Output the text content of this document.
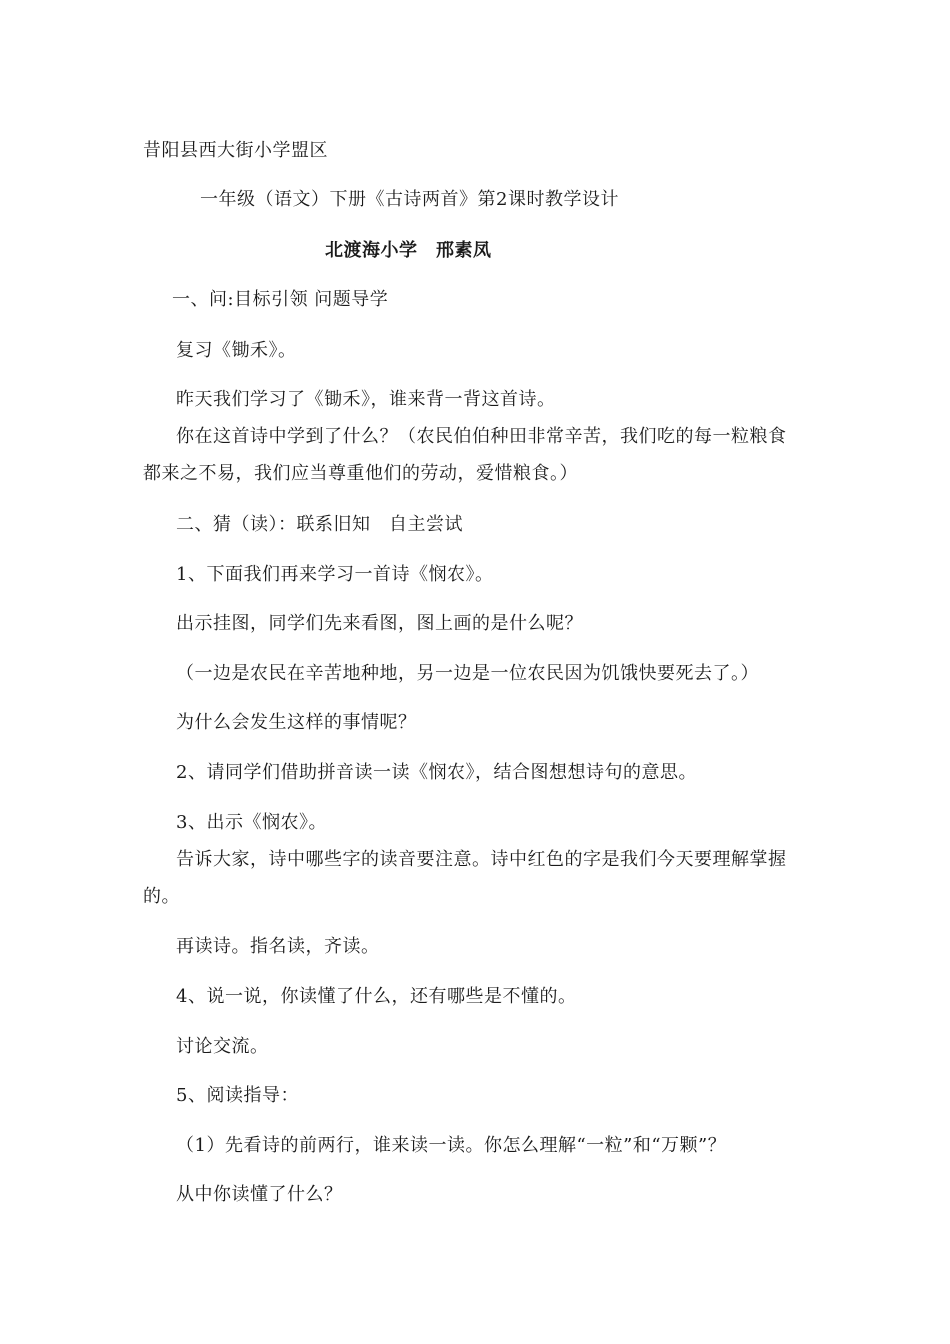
昔阳县西大街小学盟区
一年级（语文）下册《古诗两首》第2课时教学设计
北渡海小学　邢素凤
一、问:目标引领 问题导学
复习《锄禾》。
昨天我们学习了《锄禾》，谁来背一背这首诗。
你在这首诗中学到了什么？（农民伯伯种田非常辛苦，我们吃的每一粒粮食
都来之不易，我们应当尊重他们的劳动，爱惜粮食。）
二、猜（读）：联系旧知　自主尝试
1、下面我们再来学习一首诗《悯农》。
出示挂图，同学们先来看图，图上画的是什么呢？
（一边是农民在辛苦地种地，另一边是一位农民因为饥饿快要死去了。）
为什么会发生这样的事情呢？
2、请同学们借助拼音读一读《悯农》，结合图想想诗句的意思。
3、出示《悯农》。
告诉大家，诗中哪些字的读音要注意。诗中红色的字是我们今天要理解掌握
的。
再读诗。指名读，齐读。
4、说一说，你读懂了什么，还有哪些是不懂的。
讨论交流。
5、阅读指导：
（1）先看诗的前两行，谁来读一读。你怎么理解“一粒”和“万颗”？
从中你读懂了什么？
